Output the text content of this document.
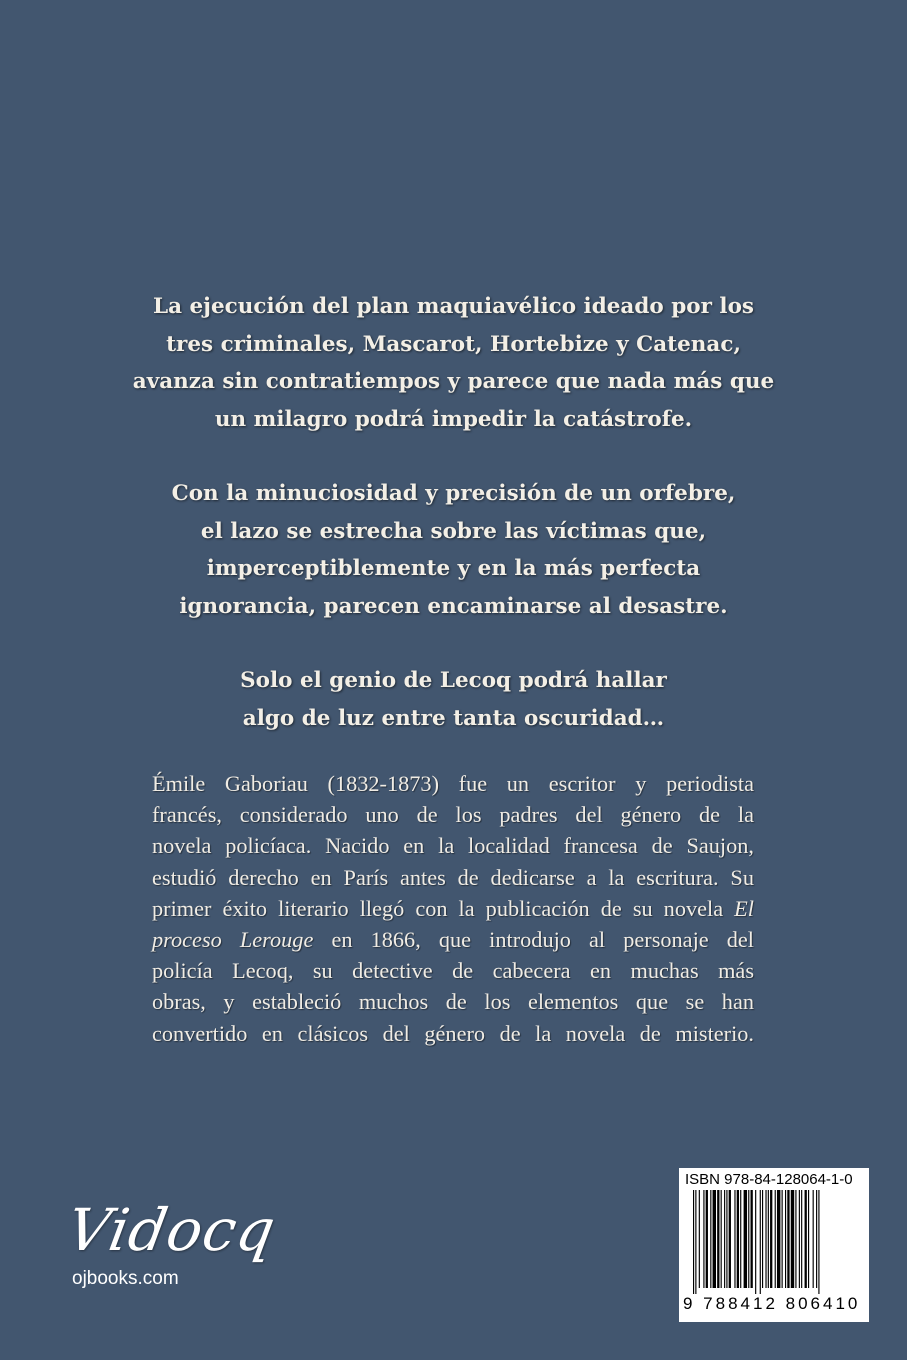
La ejecución del plan maquiavélico ideado por los
tres criminales, Mascarot, Hortebize y Catenac,
avanza sin contratiempos y parece que nada más que
un milagro podrá impedir la catástrofe.

Con la minuciosidad y precisión de un orfebre,
el lazo se estrecha sobre las víctimas que,
imperceptiblemente y en la más perfecta
ignorancia, parecen encaminarse al desastre.

Solo el genio de Lecoq podrá hallar
algo de luz entre tanta oscuridad…

Émile Gaboriau (1832-1873) fue un escritor y periodista
francés, considerado uno de los padres del género de la
novela policíaca. Nacido en la localidad francesa de Saujon,
estudió derecho en París antes de dedicarse a la escritura. Su
primer éxito literario llegó con la publicación de su novela El
proceso Lerouge en 1866, que introdujo al personaje del
policía Lecoq, su detective de cabecera en muchas más
obras, y estableció muchos de los elementos que se han
convertido en clásicos del género de la novela de misterio.
Vidocq
ojbooks.com
ISBN 978-84-128064-1-0
9 788412 806410
